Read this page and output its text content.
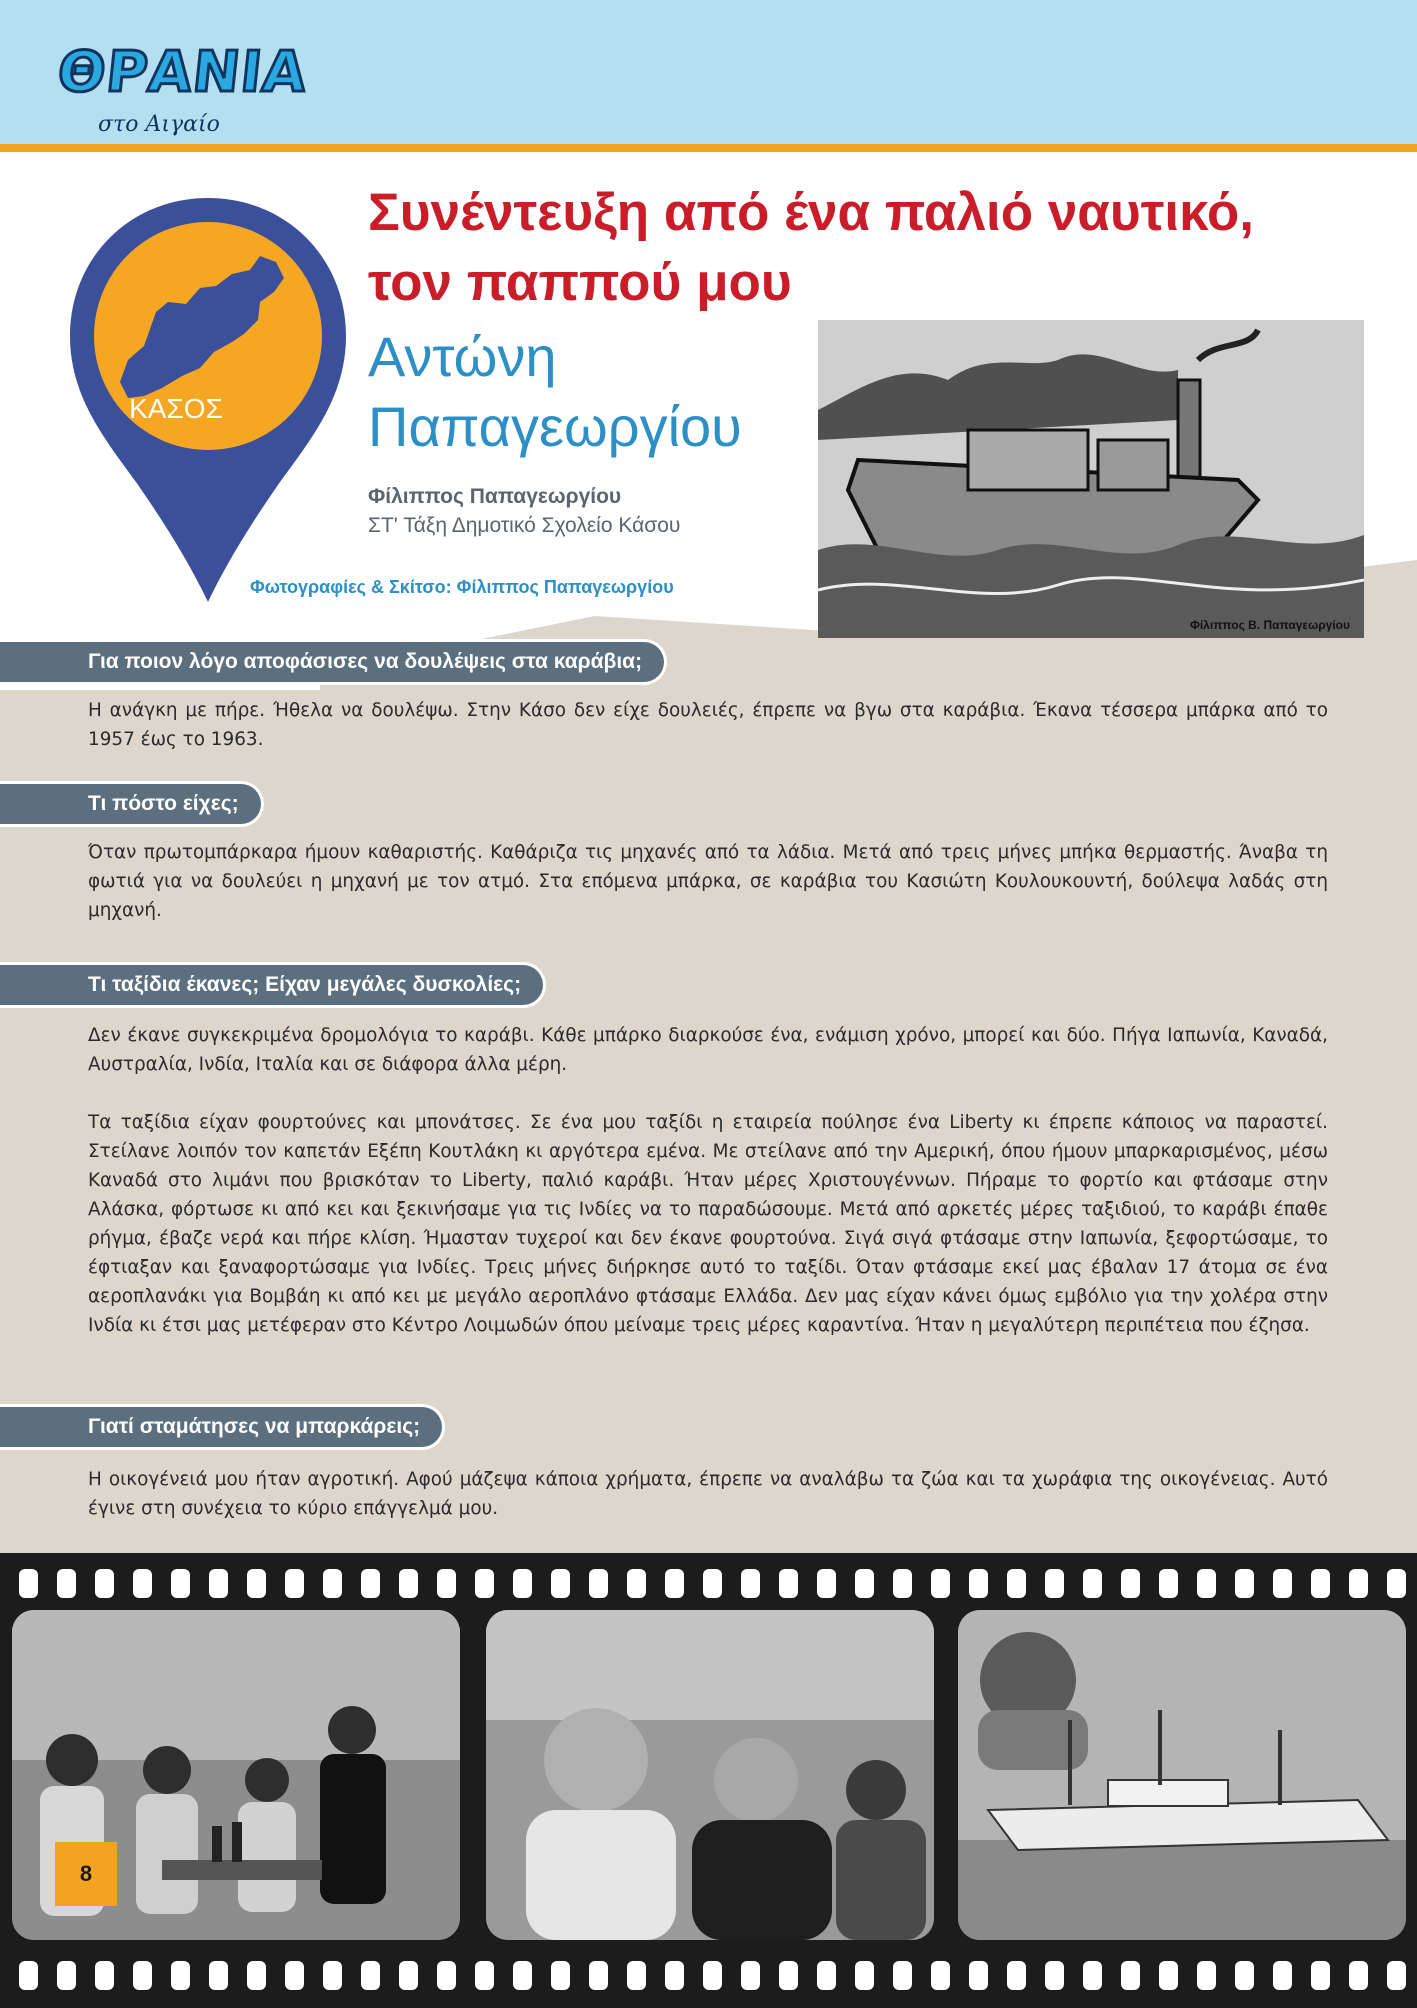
ΘΡΑΝΙΑ
στο Αιγαίο
ΚΑΣΟΣ
Συνέντευξη από ένα παλιό ναυτικό,
τον παππού μου
Αντώνη
Παπαγεωργίου
Φίλιππος Παπαγεωργίου
ΣΤ' Τάξη Δημοτικό Σχολείο Κάσου
Φωτογραφίες & Σκίτσο: Φίλιππος Παπαγεωργίου
Φίλιππος Β. Παπαγεωργίου
Για ποιον λόγο αποφάσισες να δουλέψεις στα καράβια;

Η ανάγκη με πήρε. Ήθελα να δουλέψω. Στην Κάσο δεν είχε δουλειές, έπρεπε να βγω στα καράβια. Έκανα τέσσερα μπάρκα από το 1957 έως το 1963.

Τι πόστο είχες;

Όταν πρωτομπάρκαρα ήμουν καθαριστής. Καθάριζα τις μηχανές από τα λάδια. Μετά από τρεις μήνες μπήκα θερμαστής. Άναβα τη φωτιά για να δουλεύει η μηχανή με τον ατμό. Στα επόμενα μπάρκα, σε καράβια του Κασιώτη Κουλουκουντή, δούλεψα λαδάς στη μηχανή.

Τι ταξίδια έκανες; Είχαν μεγάλες δυσκολίες;

Δεν έκανε συγκεκριμένα δρομολόγια το καράβι. Κάθε μπάρκο διαρκούσε ένα, ενάμιση χρόνο, μπορεί και δύο. Πήγα Ιαπωνία, Καναδά, Αυστραλία, Ινδία, Ιταλία και σε διάφορα άλλα μέρη.

Τα ταξίδια είχαν φουρτούνες και μπονάτσες. Σε ένα μου ταξίδι η εταιρεία πούλησε ένα Liberty κι έπρεπε κάποιος να παραστεί. Στείλανε λοιπόν τον καπετάν Εξέπη Κουτλάκη κι αργότερα εμένα. Με στείλανε από την Αμερική, όπου ήμουν μπαρκαρισμένος, μέσω Καναδά στο λιμάνι που βρισκόταν το Liberty, παλιό καράβι. Ήταν μέρες Χριστουγέννων. Πήραμε το φορτίο και φτάσαμε στην Αλάσκα, φόρτωσε κι από κει και ξεκινήσαμε για τις Ινδίες να το παραδώσουμε. Μετά από αρκετές μέρες ταξιδιού, το καράβι έπαθε ρήγμα, έβαζε νερά και πήρε κλίση. Ήμασταν τυχεροί και δεν έκανε φουρτούνα. Σιγά σιγά φτάσαμε στην Ιαπωνία, ξεφορτώσαμε, το έφτιαξαν και ξαναφορτώσαμε για Ινδίες. Τρεις μήνες διήρκησε αυτό το ταξίδι. Όταν φτάσαμε εκεί μας έβαλαν 17 άτομα σε ένα αεροπλανάκι για Βομβάη κι από κει με μεγάλο αεροπλάνο φτάσαμε Ελλάδα. Δεν μας είχαν κάνει όμως εμβόλιο για την χολέρα στην Ινδία κι έτσι μας μετέφεραν στο Κέντρο Λοιμωδών όπου μείναμε τρεις μέρες καραντίνα. Ήταν η μεγαλύτερη περιπέτεια που έζησα.

Γιατί σταμάτησες να μπαρκάρεις;

Η οικογένειά μου ήταν αγροτική. Αφού μάζεψα κάποια χρήματα, έπρεπε να αναλάβω τα ζώα και τα χωράφια της οικογένειας. Αυτό έγινε στη συνέχεια το κύριο επάγγελμά μου.

8
